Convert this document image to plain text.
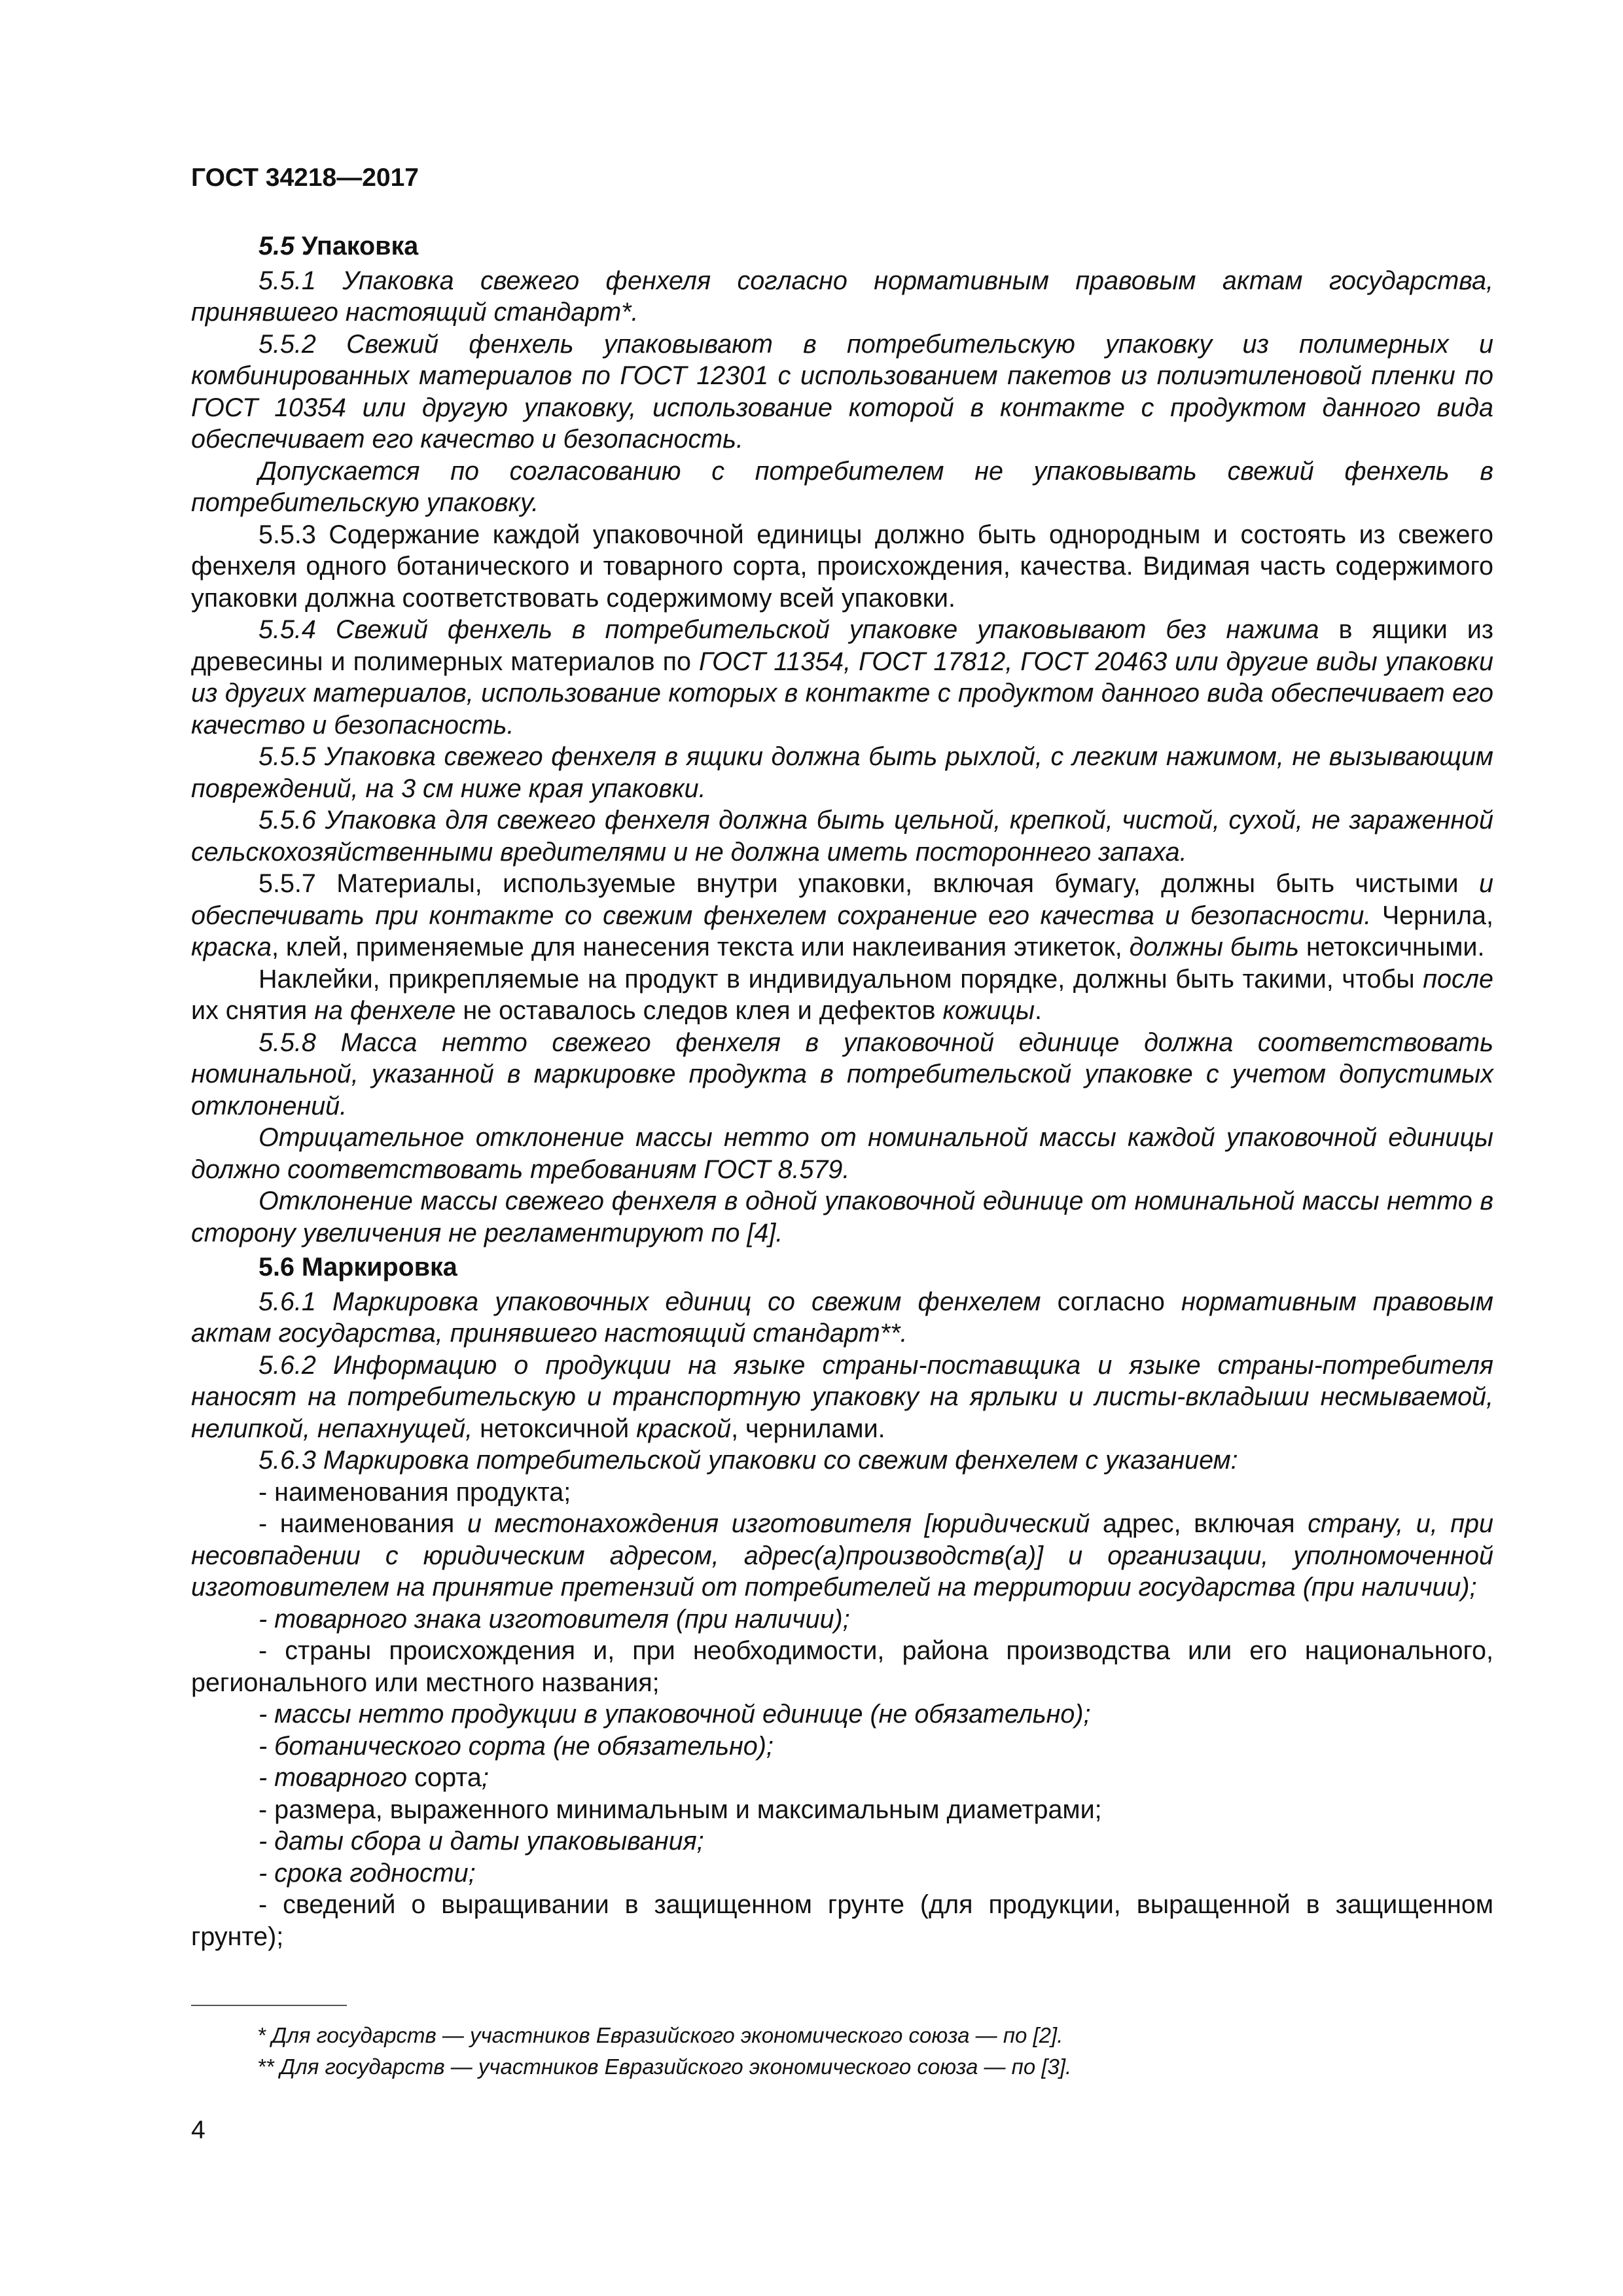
ГОСТ 34218—2017
5.5 Упаковка

5.5.1 Упаковка свежего фенхеля согласно нормативным правовым актам государства, принявшего настоящий стандарт*.

5.5.2 Свежий фенхель упаковывают в потребительскую упаковку из полимерных и комбинированных материалов по ГОСТ 12301 с использованием пакетов из полиэтиленовой пленки по ГОСТ 10354 или другую упаковку, использование которой в контакте с продуктом данного вида обеспечивает его качество и безопасность.

Допускается по согласованию с потребителем не упаковывать свежий фенхель в потребительскую упаковку.

5.5.3 Содержание каждой упаковочной единицы должно быть однородным и состоять из свежего фенхеля одного ботанического и товарного сорта, происхождения, качества. Видимая часть содержимого упаковки должна соответствовать содержимому всей упаковки.

5.5.4 Свежий фенхель в потребительской упаковке упаковывают без нажима в ящики из древесины и полимерных материалов по ГОСТ 11354, ГОСТ 17812, ГОСТ 20463 или другие виды упаковки из других материалов, использование которых в контакте с продуктом данного вида обеспечивает его качество и безопасность.

5.5.5 Упаковка свежего фенхеля в ящики должна быть рыхлой, с легким нажимом, не вызывающим повреждений, на 3 см ниже края упаковки.

5.5.6 Упаковка для свежего фенхеля должна быть цельной, крепкой, чистой, сухой, не зараженной сельскохозяйственными вредителями и не должна иметь постороннего запаха.

5.5.7 Материалы, используемые внутри упаковки, включая бумагу, должны быть чистыми и обеспечивать при контакте со свежим фенхелем сохранение его качества и безопасности. Чернила, краска, клей, применяемые для нанесения текста или наклеивания этикеток, должны быть нетоксичными.

Наклейки, прикрепляемые на продукт в индивидуальном порядке, должны быть такими, чтобы после их снятия на фенхеле не оставалось следов клея и дефектов кожицы.

5.5.8 Масса нетто свежего фенхеля в упаковочной единице должна соответствовать номинальной, указанной в маркировке продукта в потребительской упаковке с учетом допустимых отклонений.

Отрицательное отклонение массы нетто от номинальной массы каждой упаковочной единицы должно соответствовать требованиям ГОСТ 8.579.

Отклонение массы свежего фенхеля в одной упаковочной единице от номинальной массы нетто в сторону увеличения не регламентируют по [4].

5.6 Маркировка

5.6.1 Маркировка упаковочных единиц со свежим фенхелем согласно нормативным правовым актам государства, принявшего настоящий стандарт**.

5.6.2 Информацию о продукции на языке страны-поставщика и языке страны-потребителя наносят на потребительскую и транспортную упаковку на ярлыки и листы-вкладыши несмываемой, нелипкой, непахнущей, нетоксичной краской, чернилами.

5.6.3 Маркировка потребительской упаковки со свежим фенхелем с указанием:

- наименования продукта;

- наименования и местонахождения изготовителя [юридический адрес, включая страну, и, при несовпадении с юридическим адресом, адрес(а)производств(а)] и организации, уполномоченной изготовителем на принятие претензий от потребителей на территории государства (при наличии);

- товарного знака изготовителя (при наличии);

- страны происхождения и, при необходимости, района производства или его национального, регионального или местного названия;

- массы нетто продукции в упаковочной единице (не обязательно);

- ботанического сорта (не обязательно);

- товарного сорта;

- размера, выраженного минимальным и максимальным диаметрами;

- даты сбора и даты упаковывания;

- срока годности;

- сведений о выращивании в защищенном грунте (для продукции, выращенной в защищенном грунте);

* Для государств — участников Евразийского экономического союза — по [2].
** Для государств — участников Евразийского экономического союза — по [3].
4
